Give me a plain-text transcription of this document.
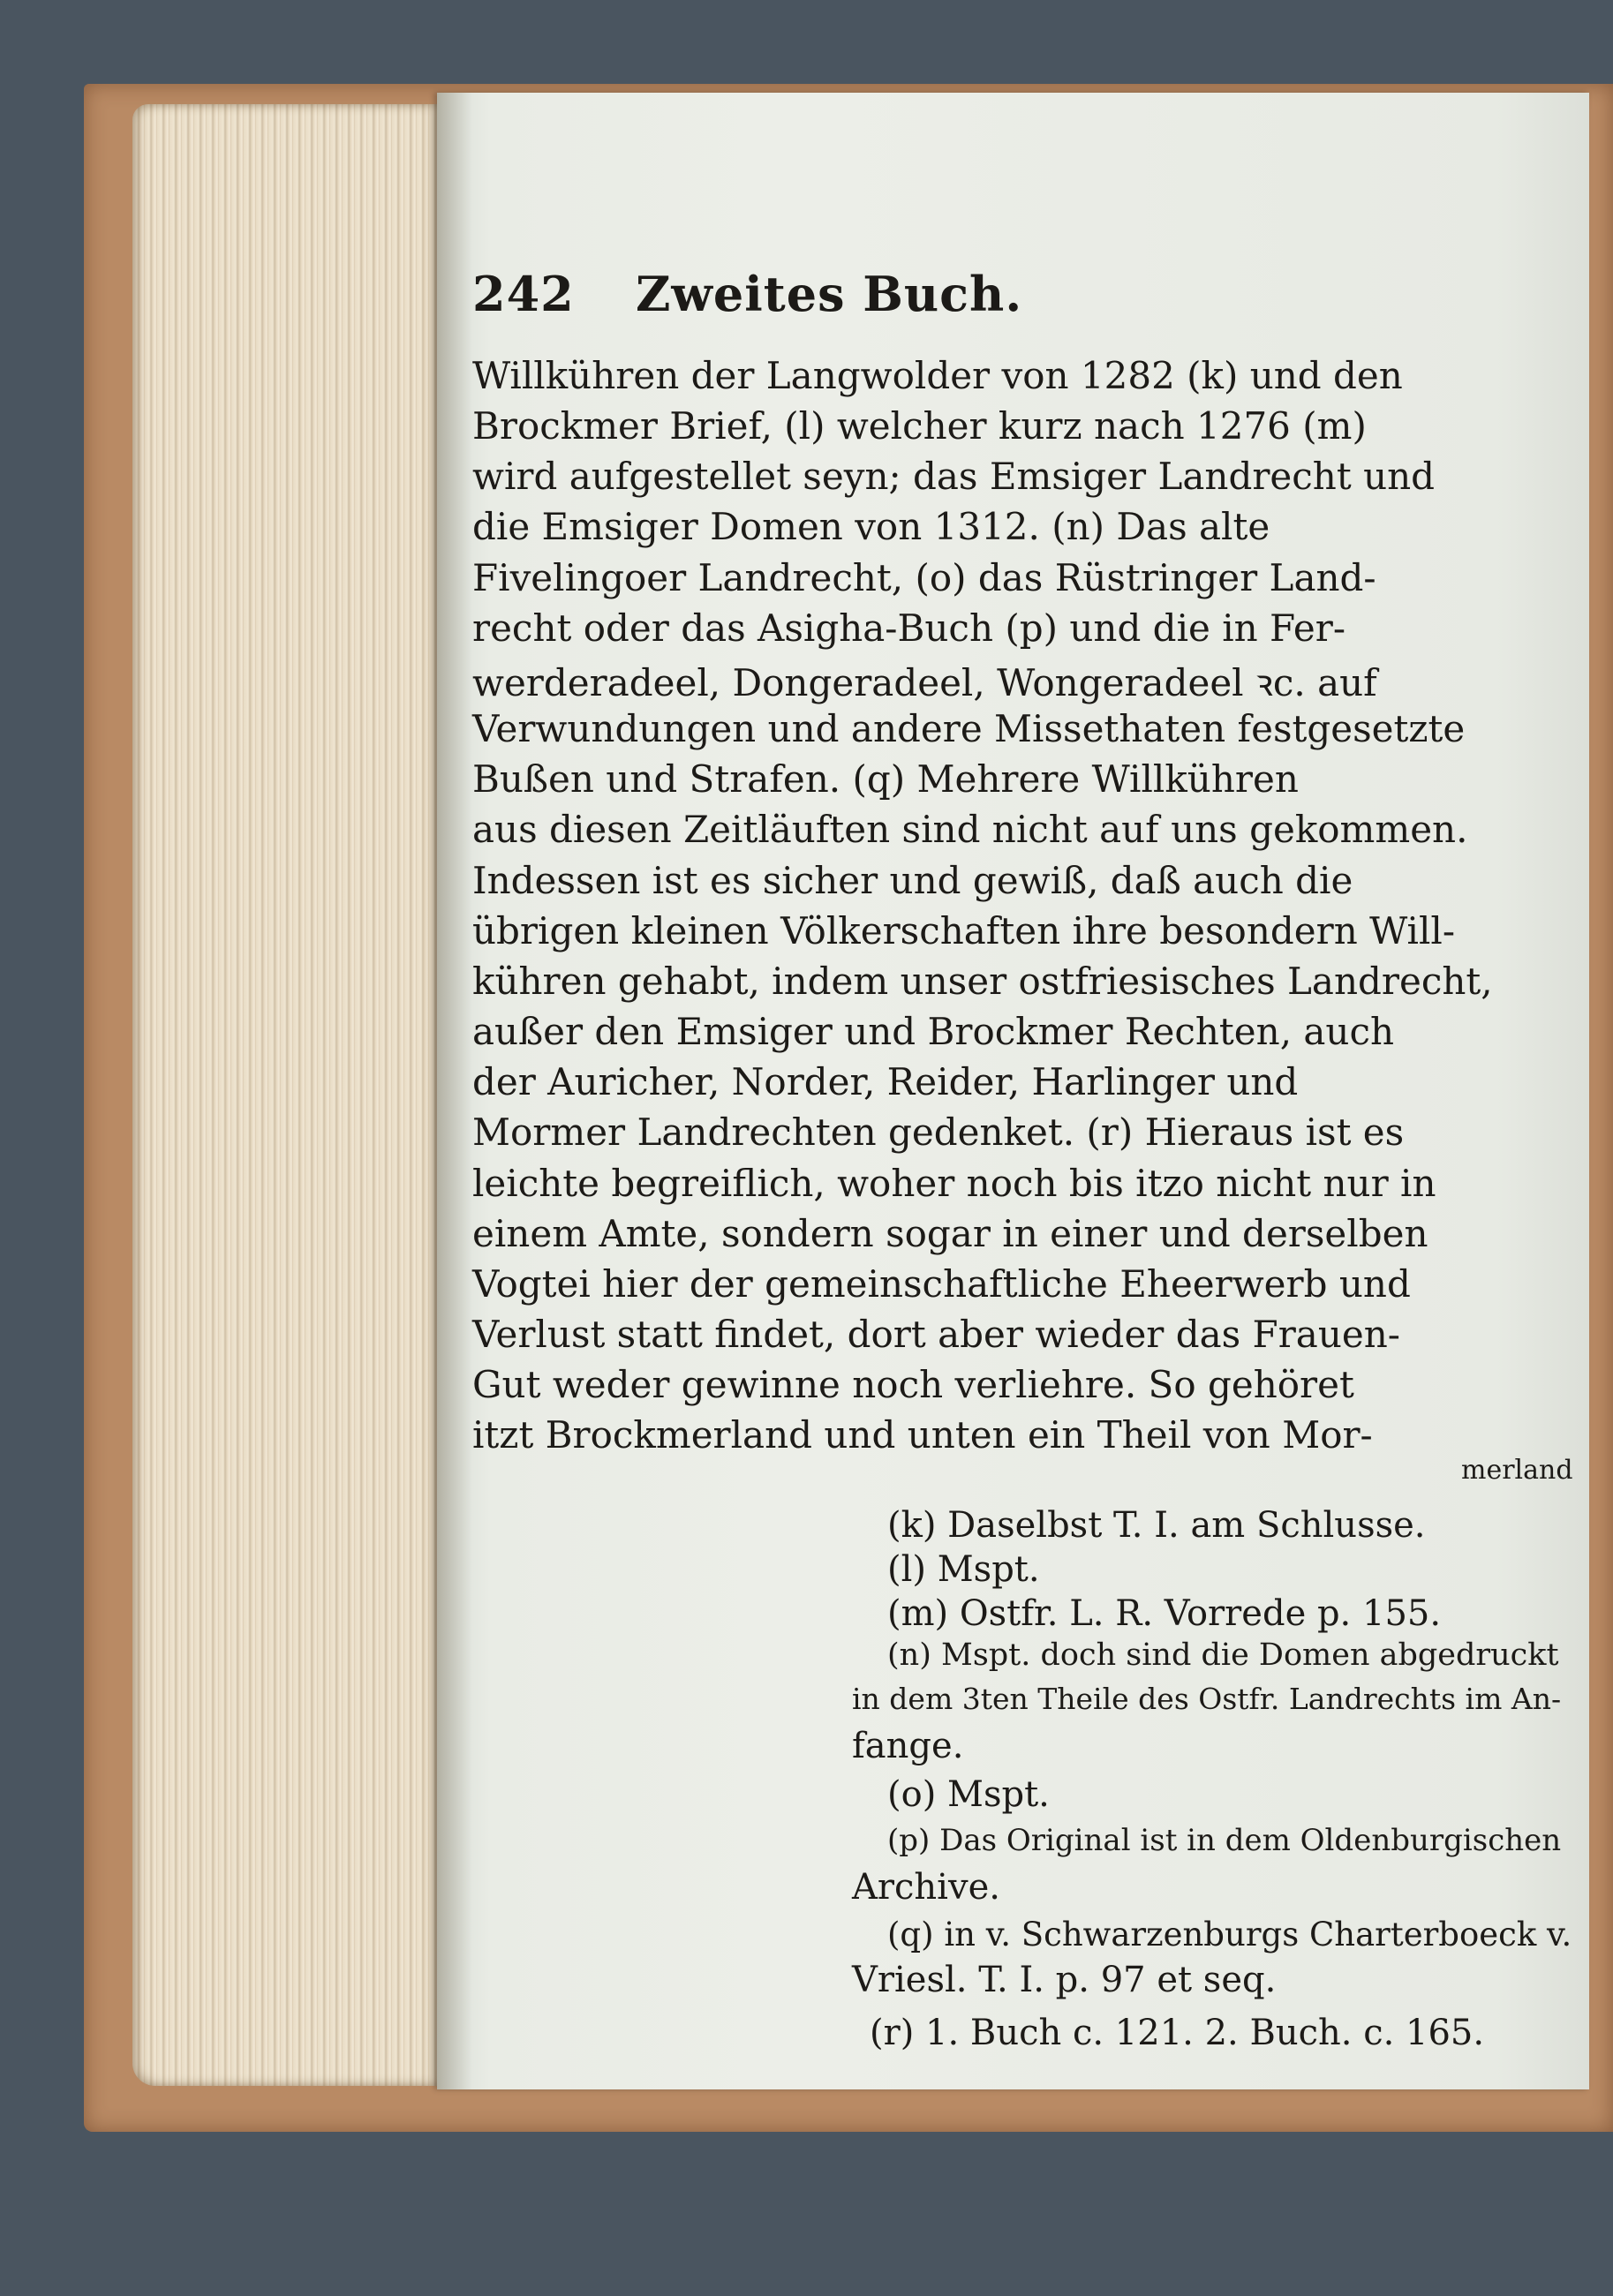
242 Zweites Buch.
Willkühren der Langwolder von 1282 (k) und den
Brockmer Brief, (l) welcher kurz nach 1276 (m)
wird aufgestellet seyn; das Emsiger Landrecht und
die Emsiger Domen von 1312. (n) Das alte
Fivelingoer Landrecht, (o) das Rüstringer Land-
recht oder das Asigha-Buch (p) und die in Fer-
werderadeel, Dongeradeel, Wongeradeel ꝛc. auf
Verwundungen und andere Missethaten festgesetzte
Bußen und Strafen. (q) Mehrere Willkühren
aus diesen Zeitläuften sind nicht auf uns gekommen.
Indessen ist es sicher und gewiß, daß auch die
übrigen kleinen Völkerschaften ihre besondern Will-
kühren gehabt, indem unser ostfriesisches Landrecht,
außer den Emsiger und Brockmer Rechten, auch
der Auricher, Norder, Reider, Harlinger und
Mormer Landrechten gedenket. (r) Hieraus ist es
leichte begreiflich, woher noch bis itzo nicht nur in
einem Amte, sondern sogar in einer und derselben
Vogtei hier der gemeinschaftliche Eheerwerb und
Verlust statt findet, dort aber wieder das Frauen-
Gut weder gewinne noch verliehre. So gehöret
itzt Brockmerland und unten ein Theil von Mor-
merland
(k) Daselbst T. I. am Schlusse.
(l) Mspt.
(m) Ostfr. L. R. Vorrede p. 155.
(n) Mspt. doch sind die Domen abgedruckt
in dem 3ten Theile des Ostfr. Landrechts im An-
fange.
(o) Mspt.
(p) Das Original ist in dem Oldenburgischen
Archive.
(q) in v. Schwarzenburgs Charterboeck v.
Vriesl. T. I. p. 97 et seq.
(r) 1. Buch c. 121. 2. Buch. c. 165.
